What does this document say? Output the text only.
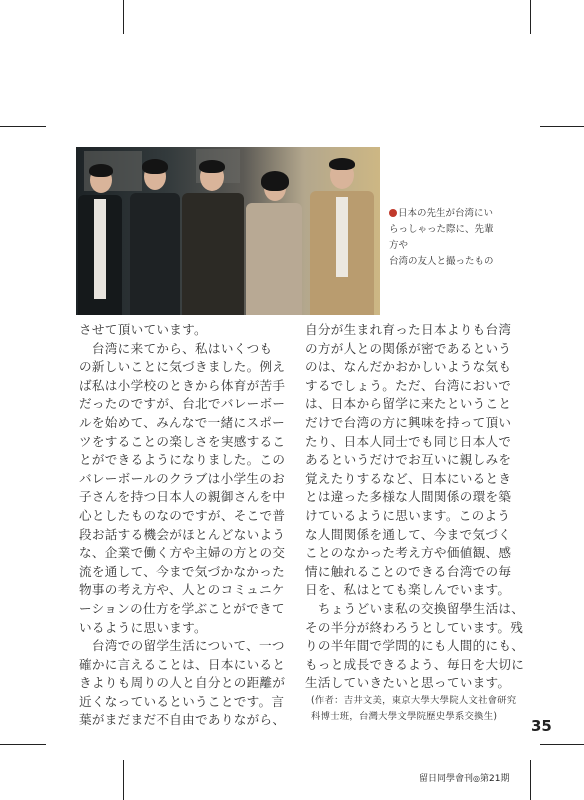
日本の先生が台湾にい
らっしゃった際に、先輩方や
台湾の友人と撮ったもの

させて頂いています。

　台湾に来てから、私はいくつも

の新しいことに気づきました。例え

ば私は小学校のときから体育が苦手

だったのですが、台北でバレーボー

ルを始めて、みんなで一緒にスポー

ツをすることの楽しさを実感するこ

とができるようになりました。この

バレーボールのクラブは小学生のお

子さんを持つ日本人の親御さんを中

心としたものなのですが、そこで普

段お話する機会がほとんどないよう

な、企業で働く方や主婦の方との交

流を通して、今まで気づかなかった

物事の考え方や、人とのコミュニケ

ーションの仕方を学ぶことができて

いるように思います。

　台湾での留学生活について、一つ

確かに言えることは、日本にいると

きよりも周りの人と自分との距離が

近くなっているということです。言

葉がまだまだ不自由でありながら、

自分が生まれ育った日本よりも台湾

の方が人との関係が密であるという

のは、なんだかおかしいような気も

するでしょう。ただ、台湾においで

は、日本から留学に来たということ

だけで台湾の方に興味を持って頂い

たり、日本人同士でも同じ日本人で

あるというだけでお互いに親しみを

覚えたりするなど、日本にいるとき

とは違った多様な人間関係の環を築

けているように思います。このよう

な人間関係を通して、今まで気づく

ことのなかった考え方や価値観、感

情に触れることのできる台湾での毎

日を、私はとても楽しんでいます。

　ちょうどいま私の交換留學生活は、

その半分が終わろうとしています。残

りの半年間で学問的にも人間的にも、

もっと成長できるよう、毎日を大切に

生活していきたいと思っています。

(作者：吉井文美，東京大學大學院人文社會研究

科博士班，台灣大學文學院歷史學系交換生)

35
留日同學會刊◎第21期
